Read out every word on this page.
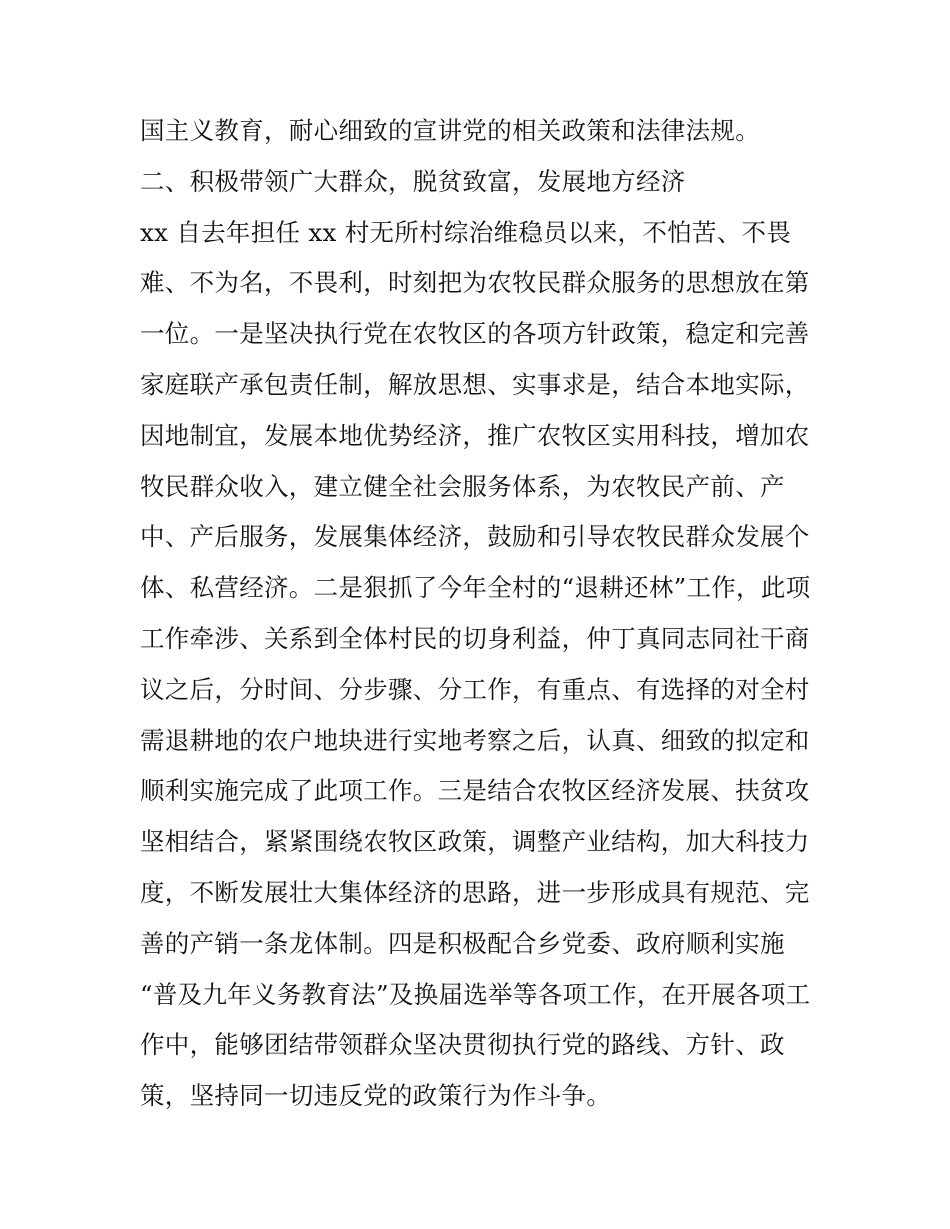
国主义教育，耐心细致的宣讲党的相关政策和法律法规。
二、积极带领广大群众，脱贫致富，发展地方经济
xx 自去年担任 xx 村无所村综治维稳员以来，不怕苦、不畏
难、不为名，不畏利，时刻把为农牧民群众服务的思想放在第
一位。一是坚决执行党在农牧区的各项方针政策，稳定和完善
家庭联产承包责任制，解放思想、实事求是，结合本地实际，
因地制宜，发展本地优势经济，推广农牧区实用科技，增加农
牧民群众收入，建立健全社会服务体系，为农牧民产前、产
中、产后服务，发展集体经济，鼓励和引导农牧民群众发展个
体、私营经济。二是狠抓了今年全村的“退耕还林”工作，此项
工作牵涉、关系到全体村民的切身利益，仲丁真同志同社干商
议之后，分时间、分步骤、分工作，有重点、有选择的对全村
需退耕地的农户地块进行实地考察之后，认真、细致的拟定和
顺利实施完成了此项工作。三是结合农牧区经济发展、扶贫攻
坚相结合，紧紧围绕农牧区政策，调整产业结构，加大科技力
度，不断发展壮大集体经济的思路，进一步形成具有规范、完
善的产销一条龙体制。四是积极配合乡党委、政府顺利实施
“普及九年义务教育法”及换届选举等各项工作，在开展各项工
作中，能够团结带领群众坚决贯彻执行党的路线、方针、政
策，坚持同一切违反党的政策行为作斗争。
